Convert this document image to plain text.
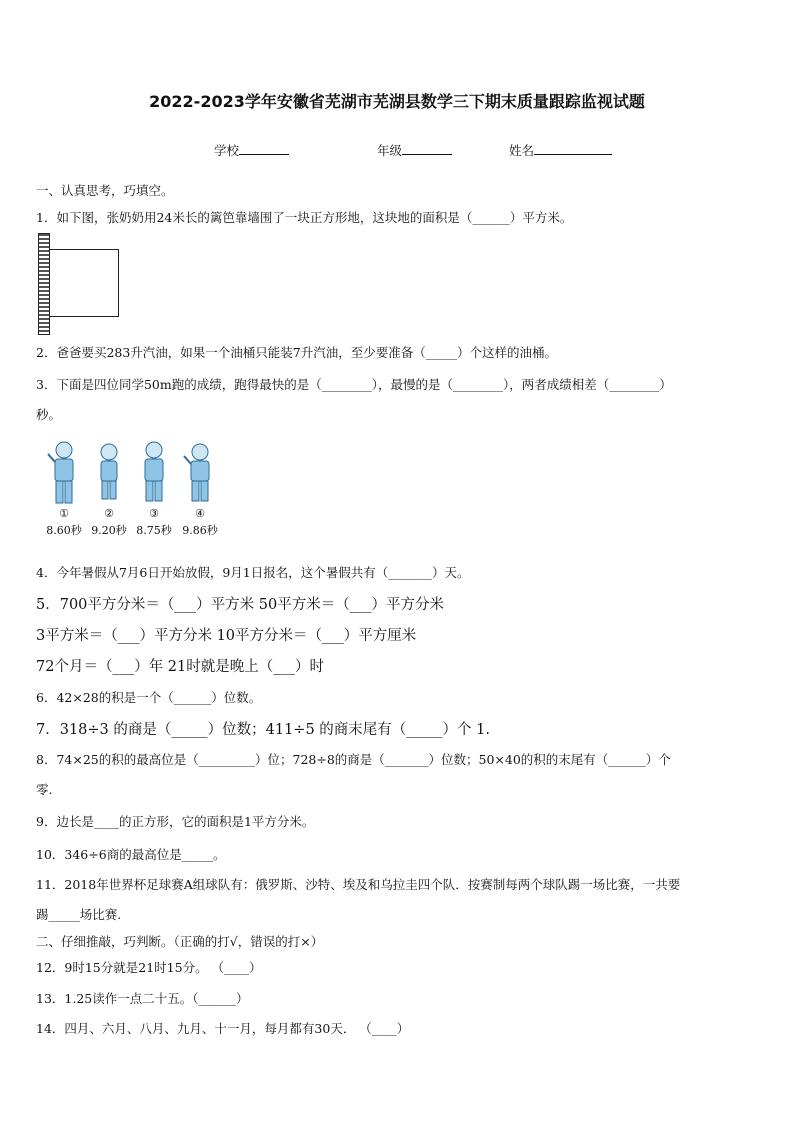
2022-2023学年安徽省芜湖市芜湖县数学三下期末质量跟踪监视试题
学校	年级	姓名
一、认真思考，巧填空。
1．如下图，张奶奶用24米长的篱笆靠墙围了一块正方形地，这块地的面积是（______）平方米。
2．爸爸要买283升汽油，如果一个油桶只能装7升汽油，至少要准备（_____）个这样的油桶。
3．下面是四位同学50m跑的成绩，跑得最快的是（________），最慢的是（________），两者成绩相差（________）
秒。
①	②	③	④
8.60秒 9.20秒 8.75秒 9.86秒
4．今年暑假从7月6日开始放假，9月1日报名，这个暑假共有（_______）天。
5．700平方分米＝（___）平方米 50平方米＝（___）平方分米
3平方米＝（___）平方分米 10平方分米＝（___）平方厘米
72个月＝（___）年 21时就是晚上（___）时
6．42×28的积是一个（______）位数。
7．318÷3 的商是（_____）位数；411÷5 的商末尾有（_____）个 1.
8．74×25的积的最高位是（_________）位；728÷8的商是（_______）位数；50×40的积的末尾有（______）个
零.
9．边长是____的正方形，它的面积是1平方分米。
10．346÷6商的最高位是_____。
11．2018年世界杯足球赛A组球队有：俄罗斯、沙特、埃及和乌拉圭四个队．按赛制每两个球队踢一场比赛，一共要
踢_____场比赛.
二、仔细推敲，巧判断。（正确的打√，错误的打×）
12．9时15分就是21时15分。 （____）
13．1.25读作一点二十五。（______）
14．四月、六月、八月、九月、十一月，每月都有30天． （____）
